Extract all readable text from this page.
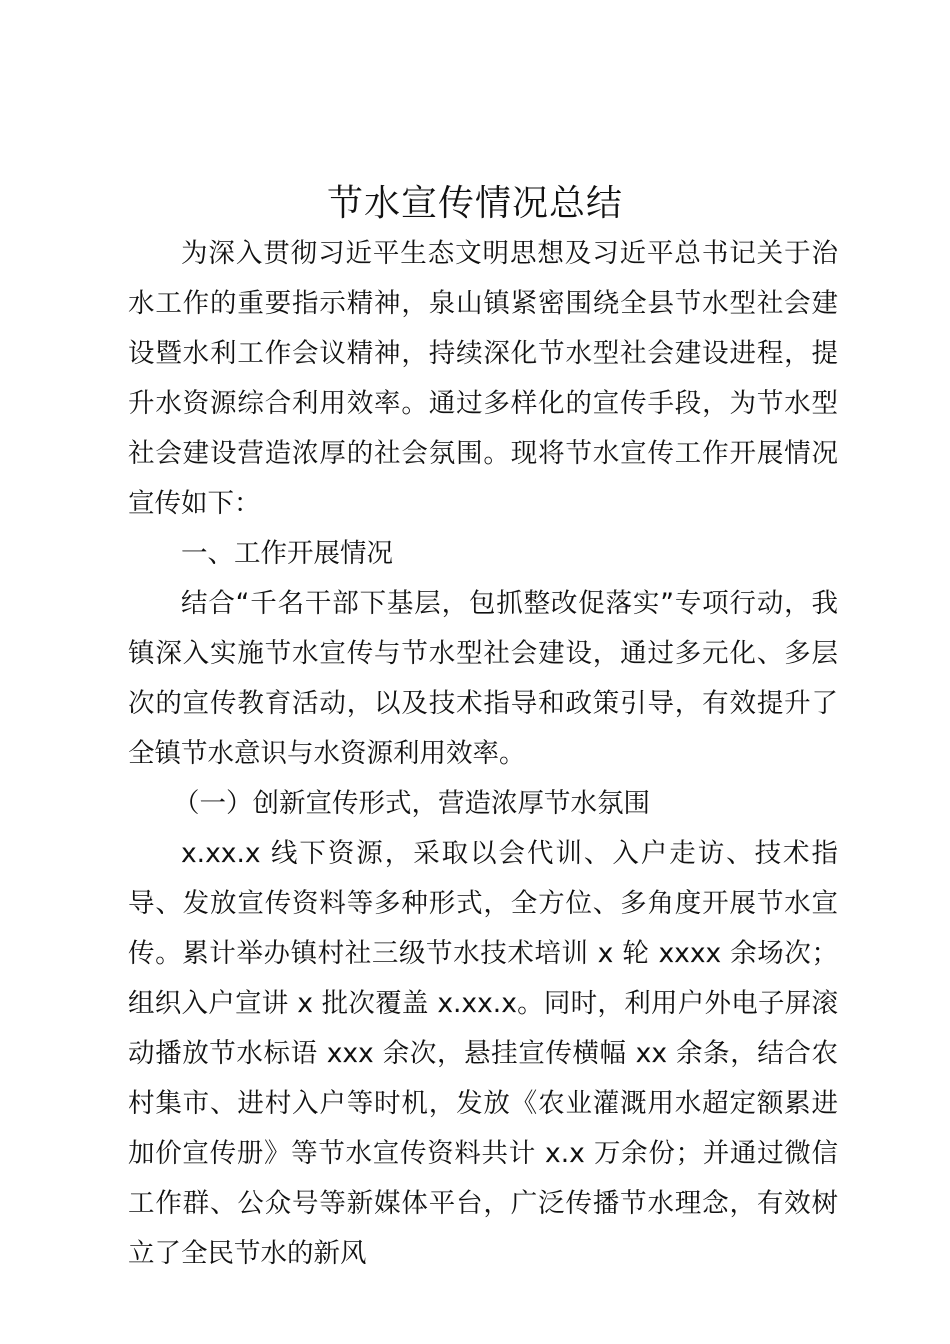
节水宣传情况总结

为深入贯彻习近平生态文明思想及习近平总书记关于治水工作的重要指示精神，泉山镇紧密围绕全县节水型社会建设暨水利工作会议精神，持续深化节水型社会建设进程，提升水资源综合利用效率。通过多样化的宣传手段，为节水型社会建设营造浓厚的社会氛围。现将节水宣传工作开展情况宣传如下：

一、工作开展情况

结合“千名干部下基层，包抓整改促落实”专项行动，我镇深入实施节水宣传与节水型社会建设，通过多元化、多层次的宣传教育活动，以及技术指导和政策引导，有效提升了全镇节水意识与水资源利用效率。

（一）创新宣传形式，营造浓厚节水氛围

x.xx.x 线下资源，采取以会代训、入户走访、技术指导、发放宣传资料等多种形式，全方位、多角度开展节水宣传。累计举办镇村社三级节水技术培训 x 轮 xxxx 余场次；组织入户宣讲 x 批次覆盖 x.xx.x。同时，利用户外电子屏滚动播放节水标语 xxx 余次，悬挂宣传横幅 xx 余条，结合农村集市、进村入户等时机，发放《农业灌溉用水超定额累进加价宣传册》等节水宣传资料共计 x.x 万余份；并通过微信工作群、公众号等新媒体平台，广泛传播节水理念，有效树立了全民节水的新风
